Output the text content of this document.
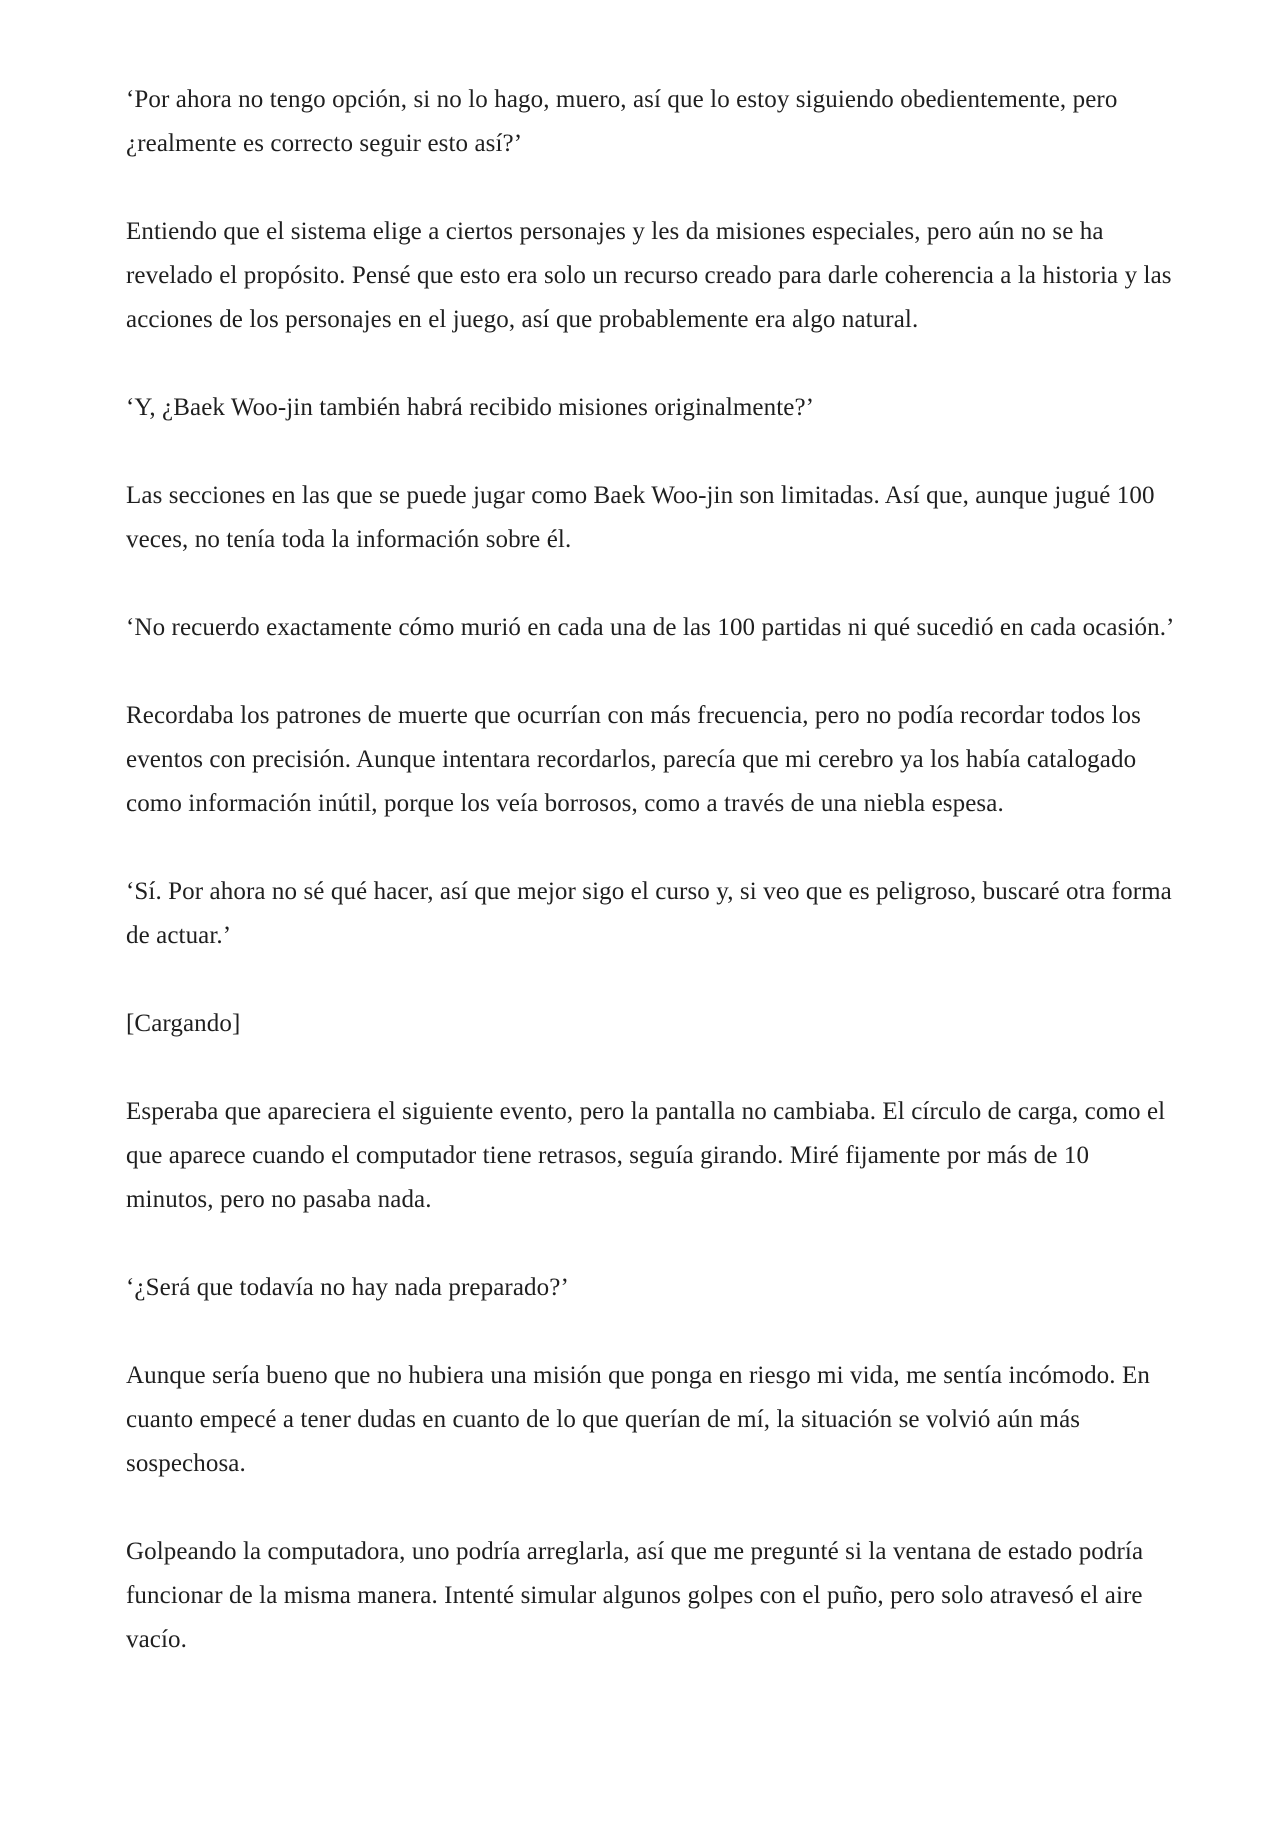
‘Por ahora no tengo opción, si no lo hago, muero, así que lo estoy siguiendo obedientemente, pero ¿realmente es correcto seguir esto así?’

Entiendo que el sistema elige a ciertos personajes y les da misiones especiales, pero aún no se ha revelado el propósito. Pensé que esto era solo un recurso creado para darle coherencia a la historia y las acciones de los personajes en el juego, así que probablemente era algo natural.

‘Y, ¿Baek Woo-jin también habrá recibido misiones originalmente?’

Las secciones en las que se puede jugar como Baek Woo-jin son limitadas. Así que, aunque jugué 100 veces, no tenía toda la información sobre él.

‘No recuerdo exactamente cómo murió en cada una de las 100 partidas ni qué sucedió en cada ocasión.’

Recordaba los patrones de muerte que ocurrían con más frecuencia, pero no podía recordar todos los eventos con precisión. Aunque intentara recordarlos, parecía que mi cerebro ya los había catalogado como información inútil, porque los veía borrosos, como a través de una niebla espesa.

‘Sí. Por ahora no sé qué hacer, así que mejor sigo el curso y, si veo que es peligroso, buscaré otra forma de actuar.’

[Cargando]

Esperaba que apareciera el siguiente evento, pero la pantalla no cambiaba. El círculo de carga, como el que aparece cuando el computador tiene retrasos, seguía girando. Miré fijamente por más de 10 minutos, pero no pasaba nada.

‘¿Será que todavía no hay nada preparado?’

Aunque sería bueno que no hubiera una misión que ponga en riesgo mi vida, me sentía incómodo. En cuanto empecé a tener dudas en cuanto de lo que querían de mí, la situación se volvió aún más sospechosa.

Golpeando la computadora, uno podría arreglarla, así que me pregunté si la ventana de estado podría funcionar de la misma manera. Intenté simular algunos golpes con el puño, pero solo atravesó el aire vacío.
